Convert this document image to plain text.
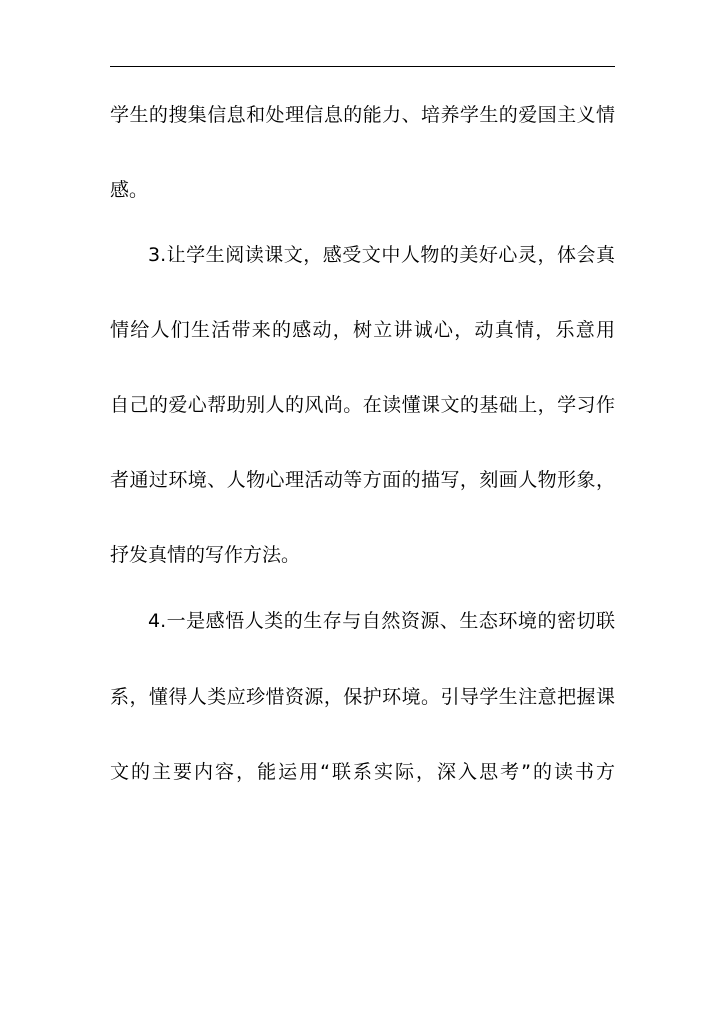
学生的搜集信息和处理信息的能力、培养学生的爱国主义情
感。
3.让学生阅读课文，感受文中人物的美好心灵，体会真
情给人们生活带来的感动，树立讲诚心，动真情，乐意用
自己的爱心帮助别人的风尚。在读懂课文的基础上，学习作
者通过环境、人物心理活动等方面的描写，刻画人物形象，
抒发真情的写作方法。
4.一是感悟人类的生存与自然资源、生态环境的密切联
系，懂得人类应珍惜资源，保护环境。引导学生注意把握课
文的主要内容，能运用“联系实际，深入思考”的读书方
